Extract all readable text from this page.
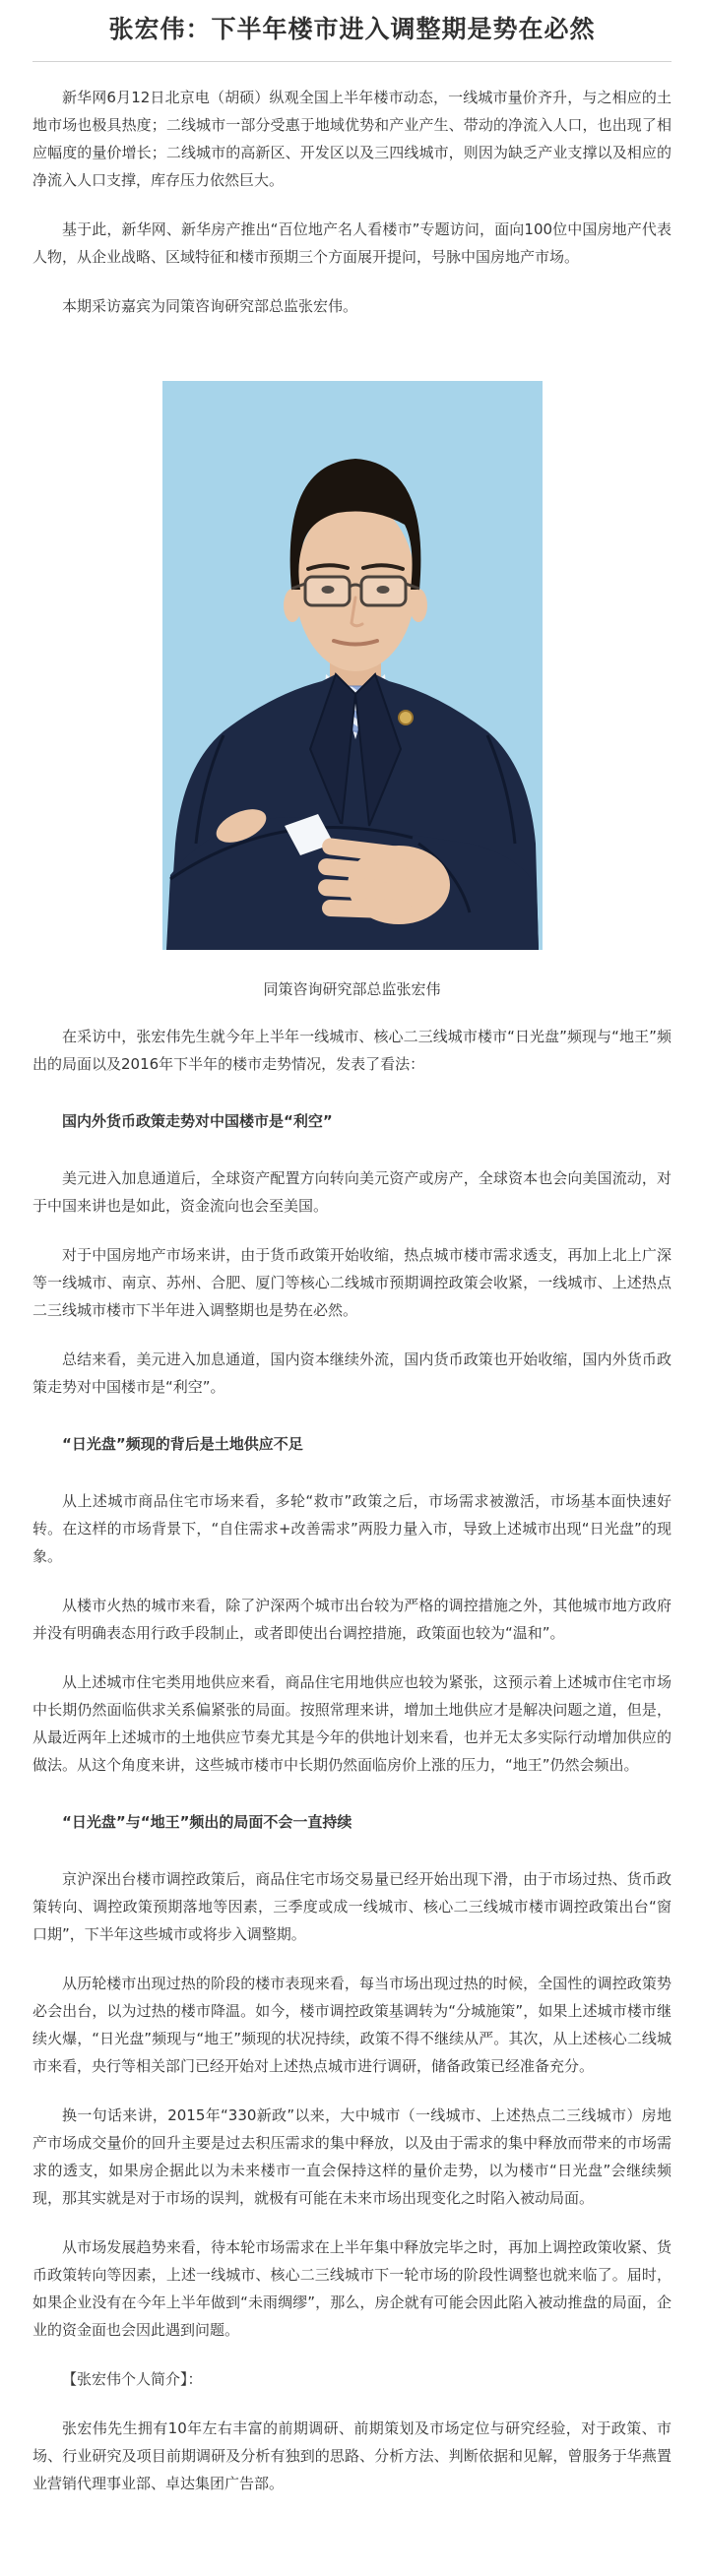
张宏伟：下半年楼市进入调整期是势在必然

新华网6月12日北京电（胡硕）纵观全国上半年楼市动态，一线城市量价齐升，与之相应的土地市场也极具热度；二线城市一部分受惠于地域优势和产业产生、带动的净流入人口，也出现了相应幅度的量价增长；二线城市的高新区、开发区以及三四线城市，则因为缺乏产业支撑以及相应的净流入人口支撑，库存压力依然巨大。

基于此，新华网、新华房产推出“百位地产名人看楼市”专题访问，面向100位中国房地产代表人物，从企业战略、区域特征和楼市预期三个方面展开提问，号脉中国房地产市场。

本期采访嘉宾为同策咨询研究部总监张宏伟。

同策咨询研究部总监张宏伟

在采访中，张宏伟先生就今年上半年一线城市、核心二三线城市楼市“日光盘”频现与“地王”频出的局面以及2016年下半年的楼市走势情况，发表了看法：

国内外货币政策走势对中国楼市是“利空”

美元进入加息通道后，全球资产配置方向转向美元资产或房产，全球资本也会向美国流动，对于中国来讲也是如此，资金流向也会至美国。

对于中国房地产市场来讲，由于货币政策开始收缩，热点城市楼市需求透支，再加上北上广深等一线城市、南京、苏州、合肥、厦门等核心二线城市预期调控政策会收紧，一线城市、上述热点二三线城市楼市下半年进入调整期也是势在必然。

总结来看，美元进入加息通道，国内资本继续外流，国内货币政策也开始收缩，国内外货币政策走势对中国楼市是“利空”。

“日光盘”频现的背后是土地供应不足

从上述城市商品住宅市场来看，多轮“救市”政策之后，市场需求被激活，市场基本面快速好转。在这样的市场背景下，“自住需求+改善需求”两股力量入市，导致上述城市出现“日光盘”的现象。

从楼市火热的城市来看，除了沪深两个城市出台较为严格的调控措施之外，其他城市地方政府并没有明确表态用行政手段制止，或者即使出台调控措施，政策面也较为“温和”。

从上述城市住宅类用地供应来看，商品住宅用地供应也较为紧张，这预示着上述城市住宅市场中长期仍然面临供求关系偏紧张的局面。按照常理来讲，增加土地供应才是解决问题之道，但是，从最近两年上述城市的土地供应节奏尤其是今年的供地计划来看，也并无太多实际行动增加供应的做法。从这个角度来讲，这些城市楼市中长期仍然面临房价上涨的压力，“地王”仍然会频出。

“日光盘”与“地王”频出的局面不会一直持续

京沪深出台楼市调控政策后，商品住宅市场交易量已经开始出现下滑，由于市场过热、货币政策转向、调控政策预期落地等因素，三季度或成一线城市、核心二三线城市楼市调控政策出台“窗口期”，下半年这些城市或将步入调整期。

从历轮楼市出现过热的阶段的楼市表现来看，每当市场出现过热的时候，全国性的调控政策势必会出台，以为过热的楼市降温。如今，楼市调控政策基调转为“分城施策”，如果上述城市楼市继续火爆，“日光盘”频现与“地王”频现的状况持续，政策不得不继续从严。其次，从上述核心二线城市来看，央行等相关部门已经开始对上述热点城市进行调研，储备政策已经准备充分。

换一句话来讲，2015年“330新政”以来，大中城市（一线城市、上述热点二三线城市）房地产市场成交量价的回升主要是过去积压需求的集中释放，以及由于需求的集中释放而带来的市场需求的透支，如果房企据此以为未来楼市一直会保持这样的量价走势，以为楼市“日光盘”会继续频现，那其实就是对于市场的误判，就极有可能在未来市场出现变化之时陷入被动局面。

从市场发展趋势来看，待本轮市场需求在上半年集中释放完毕之时，再加上调控政策收紧、货币政策转向等因素，上述一线城市、核心二三线城市下一轮市场的阶段性调整也就来临了。届时，如果企业没有在今年上半年做到“未雨绸缪”，那么，房企就有可能会因此陷入被动推盘的局面，企业的资金面也会因此遇到问题。

【张宏伟个人简介】：

张宏伟先生拥有10年左右丰富的前期调研、前期策划及市场定位与研究经验，对于政策、市场、行业研究及项目前期调研及分析有独到的思路、分析方法、判断依据和见解，曾服务于华燕置业营销代理事业部、卓达集团广告部。
